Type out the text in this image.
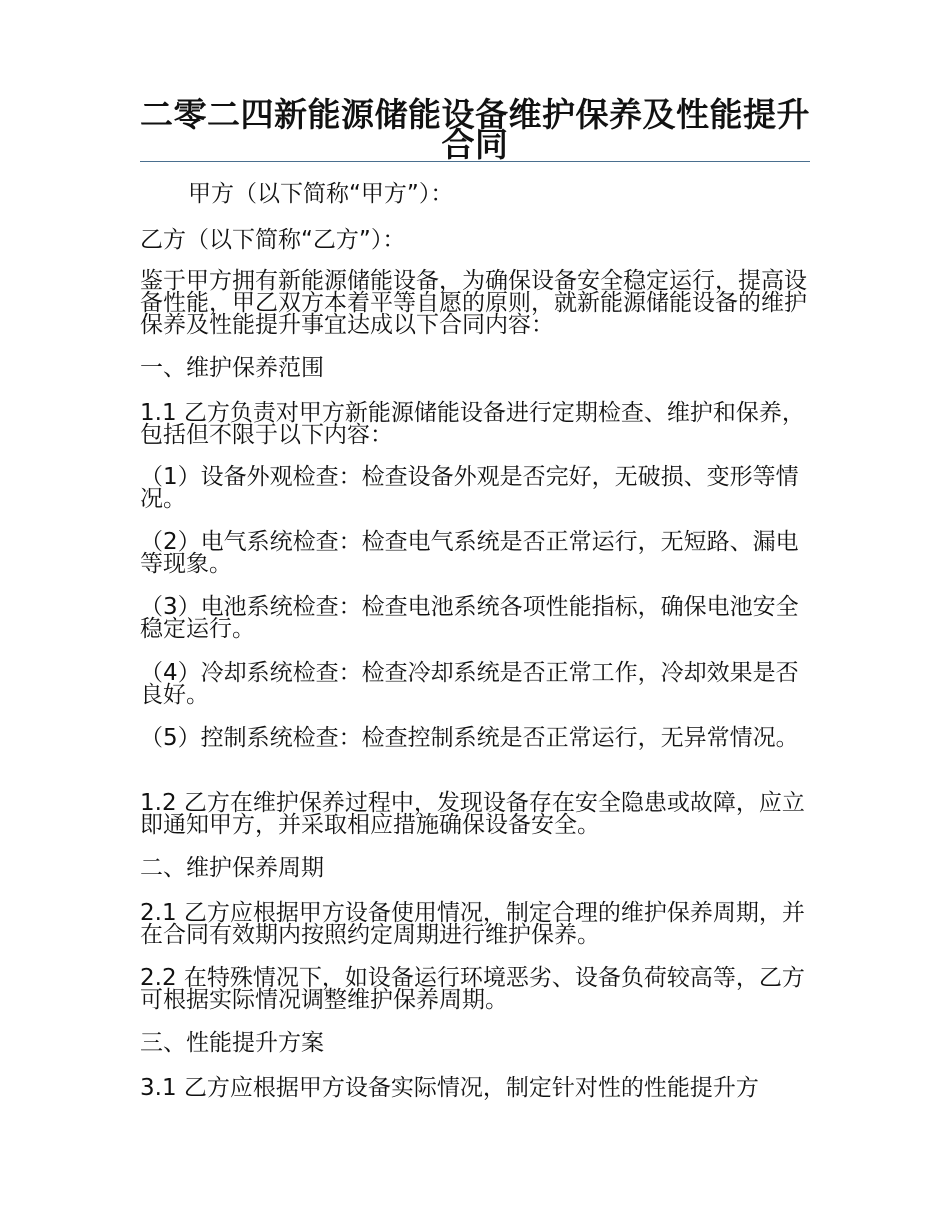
二零二四新能源储能设备维护保养及性能提升合同

甲方（以下简称“甲方”）：

乙方（以下简称“乙方”）：

鉴于甲方拥有新能源储能设备，为确保设备安全稳定运行，提高设备性能，甲乙双方本着平等自愿的原则，就新能源储能设备的维护保养及性能提升事宜达成以下合同内容：

一、维护保养范围

1.1 乙方负责对甲方新能源储能设备进行定期检查、维护和保养，包括但不限于以下内容：

（1）设备外观检查：检查设备外观是否完好，无破损、变形等情况。

（2）电气系统检查：检查电气系统是否正常运行，无短路、漏电等现象。

（3）电池系统检查：检查电池系统各项性能指标，确保电池安全稳定运行。

（4）冷却系统检查：检查冷却系统是否正常工作，冷却效果是否良好。

（5）控制系统检查：检查控制系统是否正常运行，无异常情况。

1.2 乙方在维护保养过程中，发现设备存在安全隐患或故障，应立即通知甲方，并采取相应措施确保设备安全。

二、维护保养周期

2.1 乙方应根据甲方设备使用情况，制定合理的维护保养周期，并在合同有效期内按照约定周期进行维护保养。

2.2 在特殊情况下，如设备运行环境恶劣、设备负荷较高等，乙方可根据实际情况调整维护保养周期。

三、性能提升方案

3.1 乙方应根据甲方设备实际情况，制定针对性的性能提升方
